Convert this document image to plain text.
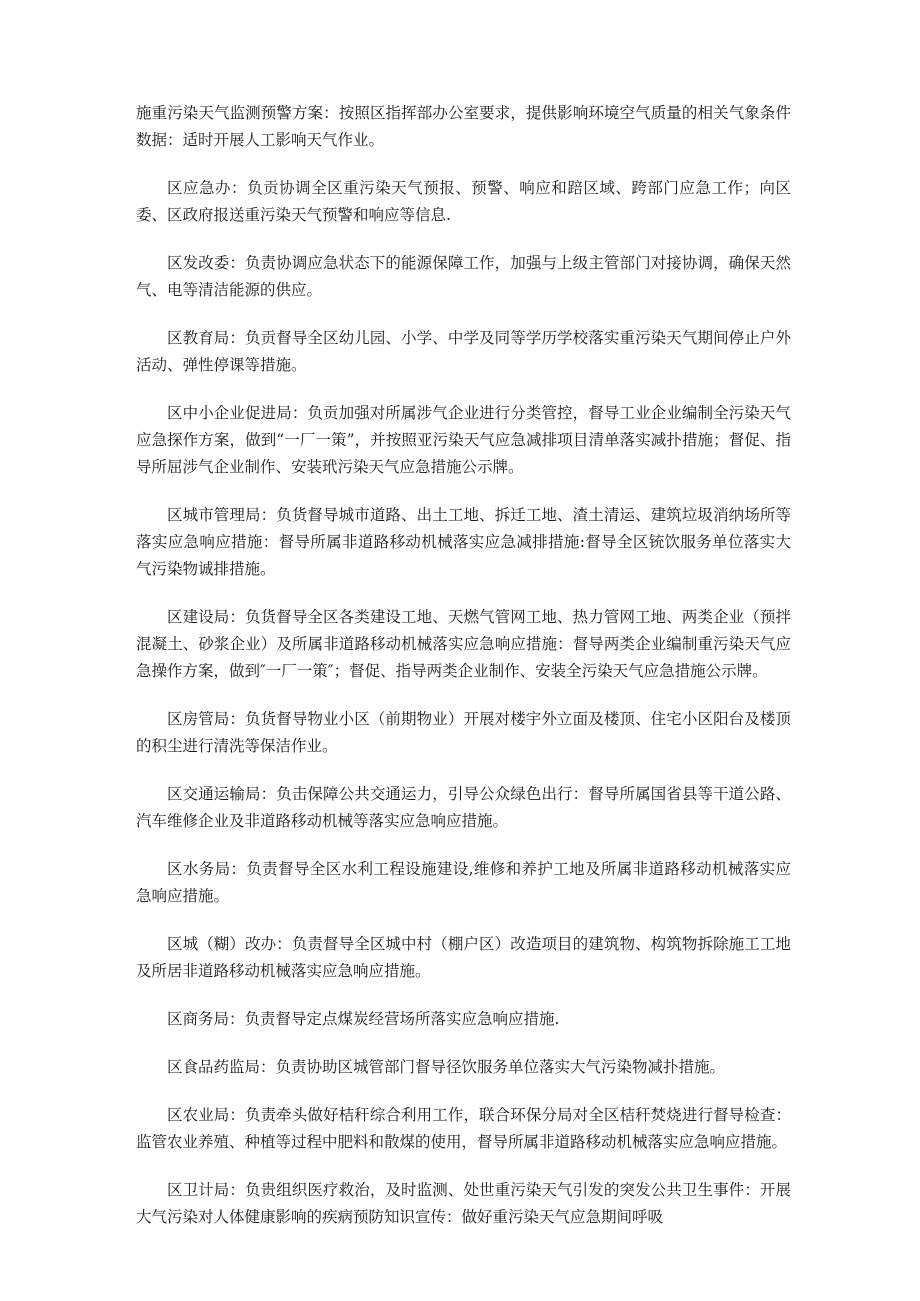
施重污染天气监测预警方案：按照区指挥部办公室要求，提供影响环境空气质量的相关气象条件数据：适时开展人工影响天气作业。

区应急办：负贡协调全区重污染天气预报、预警、响应和踣区域、跨部门应急工作；向区委、区政府报送重污染天气预警和响应等信息.

区发改委：负责协调应急状态下的能源保障工作，加强与上级主管部门对接协调，确保天然气、电等清洁能源的供应。

区教育局：负贡督导全区幼儿园、小学、中学及同等学历学校落实重污染天气期间停止户外活动、弹性停课等措施。

区中小企业促进局：负贡加强对所属涉气企业进行分类管控，督导工业企业编制全污染天气应急探作方案，做到“一厂一策”，并按照亚污染天气应急减排项目清单落实减扑措施；督促、指导所屈涉气企业制作、安装玳污染天气应急措施公示牌。

区城市管理局：负货督导城市道路、出土工地、拆迁工地、渣土清运、建筑垃圾消纳场所等落实应急响应措施：督导所属非道路移动机械落实应急减排措施:督导全区铳饮服务单位落实大气污染物诚排措施。

区建设局：负货督导全区各类建设工地、天燃气管网工地、热力管网工地、两类企业（预拌混凝土、砂浆企业）及所属非道路移动机械落实应急响应措施：督导两类企业编制重污染天气应急操作方案，做到″一厂一策″；督促、指导两类企业制作、安装全污染天气应急措施公示牌。

区房管局：负货督导物业小区（前期物业）开展对楼宇外立面及楼顶、住宅小区阳台及楼顶的积尘进行清洗等保洁作业。

区交通运输局：负击保障公共交通运力，引导公众绿色出行：督导所属国省县等干道公路、汽车维修企业及非道路移动机械等落实应急响应措施。

区水务局：负责督导全区水利工程设施建设,维修和养护工地及所属非道路移动机械落实应急响应措施。

区城（糊）改办：负责督导全区城中村（棚户区）改造项目的建筑物、构筑物拆除施工工地及所居非道路移动机械落实应急响应措施。

区商务局：负责督导定点煤炭经营场所落实应急响应措施.

区食品药监局：负责协助区城管部门督导径饮服务单位落实大气污染物减扑措施。

区农业局：负责牵头做好桔秆综合利用工作，联合环保分局对全区桔秆焚烧进行督导检查：监管农业养殖、种植等过程中肥料和散煤的使用，督导所属非道路移动机械落实应急响应措施。

区卫计局：负贵组织医疗救治，及时监测、处世重污染天气引发的突发公共卫生事件：开展大气污染对人体健康影响的疾病预防知识宣传：做好重污染天气应急期间呼吸
